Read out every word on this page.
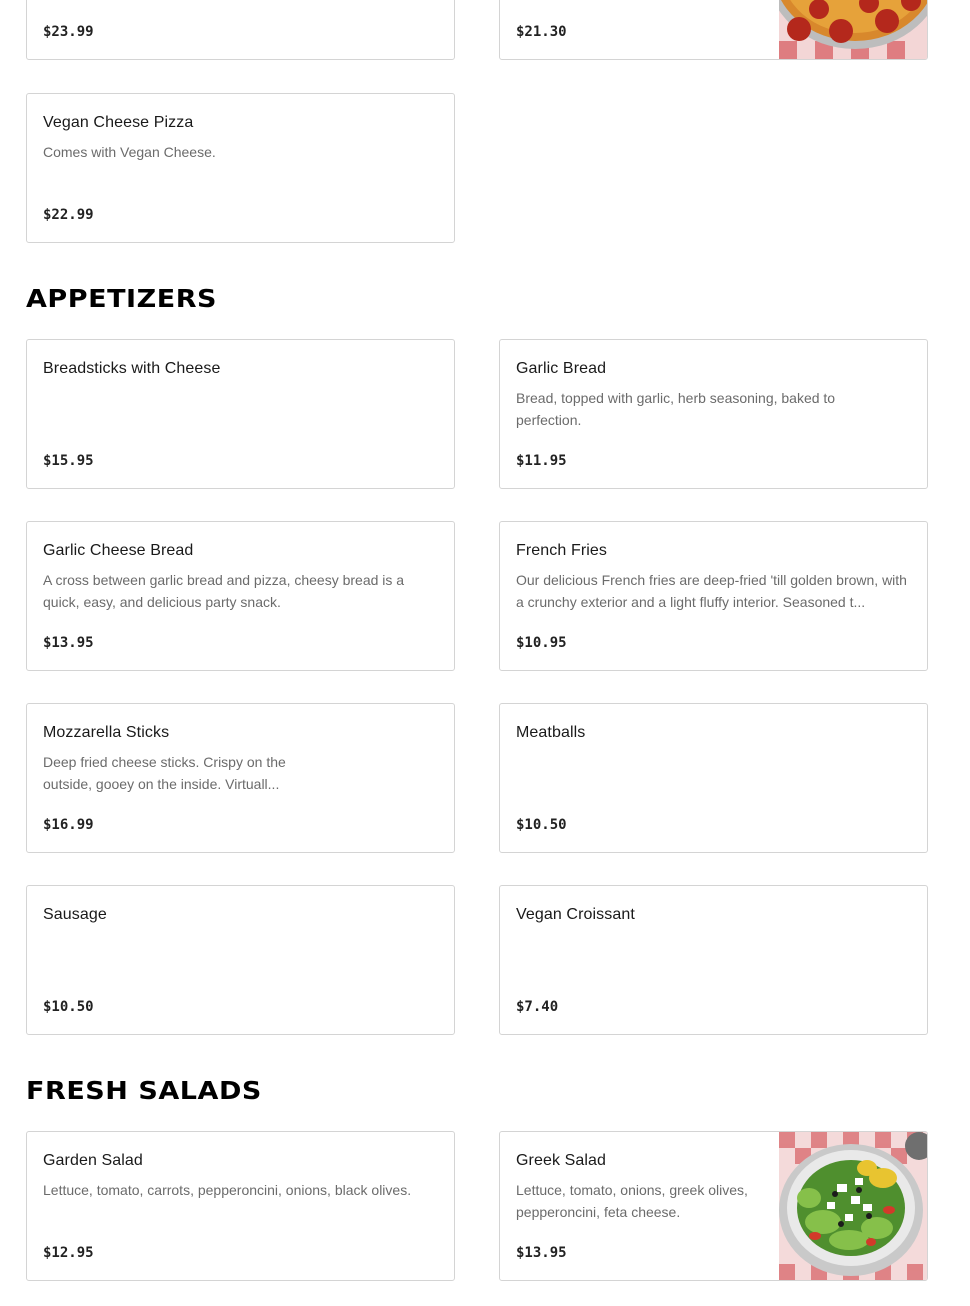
$23.99	$21.30
Vegan Cheese Pizza
Comes with Vegan Cheese.
$22.99
APPETIZERS
Breadsticks with Cheese
$15.95
Garlic Bread
Bread, topped with garlic, herb seasoning, baked to perfection.
$11.95
Garlic Cheese Bread
A cross between garlic bread and pizza, cheesy bread is a quick, easy, and delicious party snack.
$13.95
French Fries
Our delicious French fries are deep-fried 'till golden brown, with a crunchy exterior and a light fluffy interior. Seasoned t...
$10.95
Mozzarella Sticks
Deep fried cheese sticks. Crispy on the outside, gooey on the inside. Virtuall...
$16.99
Meatballs
$10.50
Sausage
$10.50
Vegan Croissant
$7.40
FRESH SALADS
Garden Salad
Lettuce, tomato, carrots, pepperoncini, onions, black olives.
$12.95
Greek Salad
Lettuce, tomato, onions, greek olives, pepperoncini, feta cheese.
$13.95
